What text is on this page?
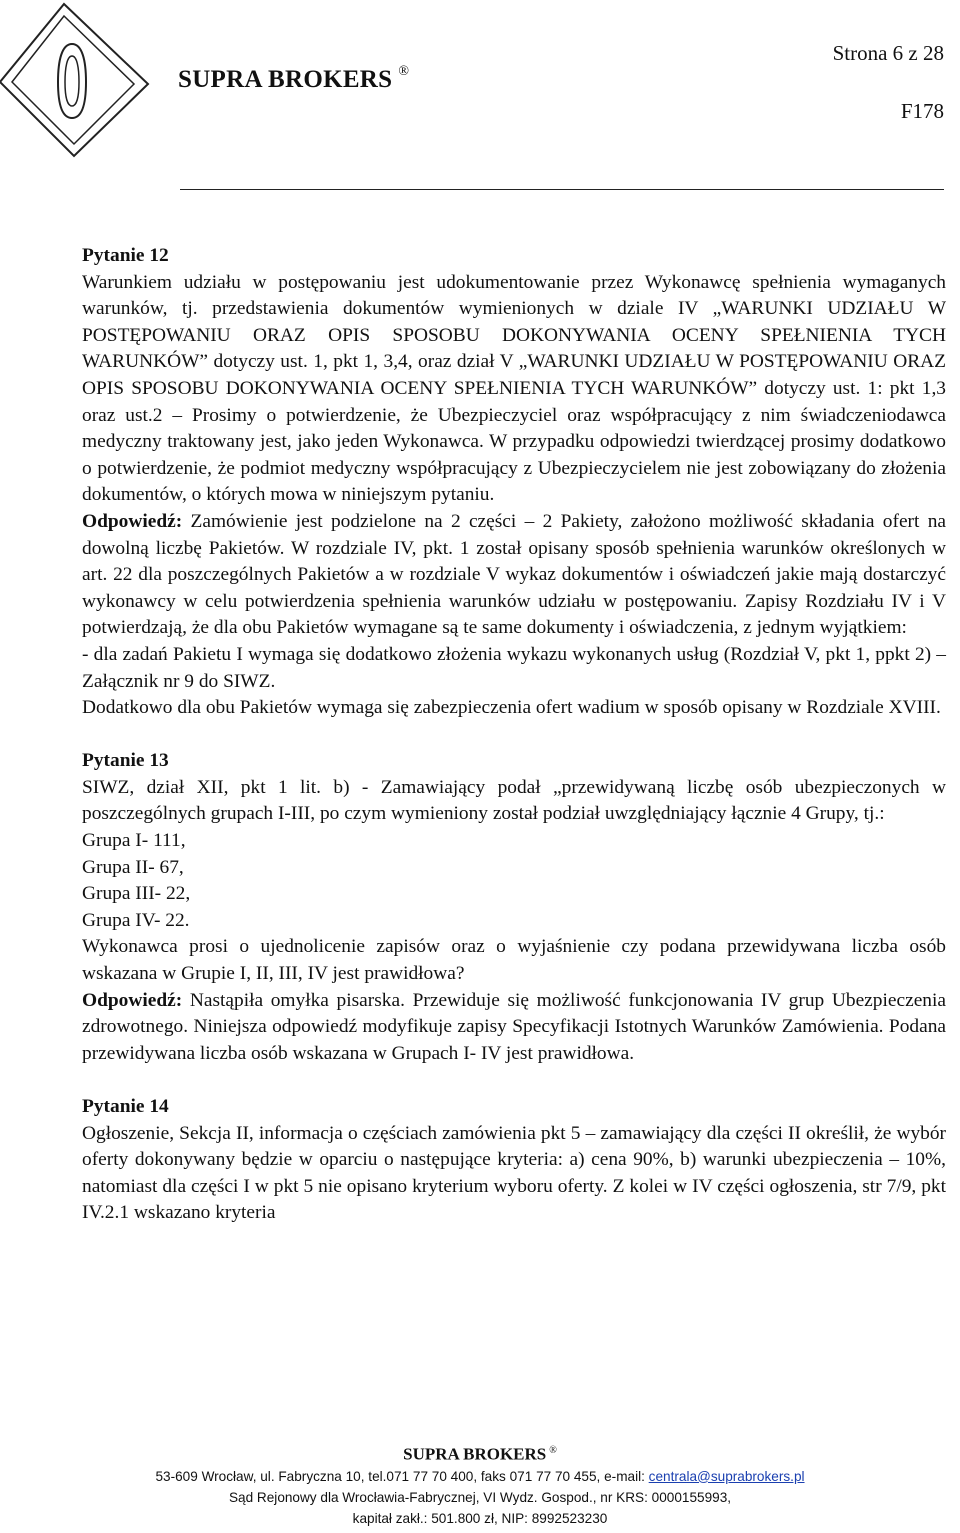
SUPRA BROKERS ®
Strona 6 z 28
F178

Pytanie 12

Warunkiem udziału w postępowaniu jest udokumentowanie przez Wykonawcę spełnienia wymaganych warunków, tj. przedstawienia dokumentów wymienionych w dziale IV „WARUNKI UDZIAŁU W POSTĘPOWANIU ORAZ OPIS SPOSOBU DOKONYWANIA OCENY SPEŁNIENIA TYCH WARUNKÓW” dotyczy ust. 1, pkt 1, 3,4, oraz dział V „WARUNKI UDZIAŁU W POSTĘPOWANIU ORAZ OPIS SPOSOBU DOKONYWANIA OCENY SPEŁNIENIA TYCH WARUNKÓW” dotyczy ust. 1: pkt 1,3 oraz ust.2 – Prosimy o potwierdzenie, że Ubezpieczyciel oraz współpracujący z nim świadczeniodawca medyczny traktowany jest, jako jeden Wykonawca. W przypadku odpowiedzi twierdzącej prosimy dodatkowo o potwierdzenie, że podmiot medyczny współpracujący z Ubezpieczycielem nie jest zobowiązany do złożenia dokumentów, o których mowa w niniejszym pytaniu.

Odpowiedź: Zamówienie jest podzielone na 2 części – 2 Pakiety, założono możliwość składania ofert na dowolną liczbę Pakietów. W rozdziale IV, pkt. 1 został opisany sposób spełnienia warunków określonych w art. 22 dla poszczególnych Pakietów a w rozdziale V wykaz dokumentów i oświadczeń jakie mają dostarczyć wykonawcy w celu potwierdzenia spełnienia warunków udziału w postępowaniu. Zapisy Rozdziału IV i V potwierdzają, że dla obu Pakietów wymagane są te same dokumenty i oświadczenia, z jednym wyjątkiem:

- dla zadań Pakietu I wymaga się dodatkowo złożenia wykazu wykonanych usług (Rozdział V, pkt 1, ppkt 2) – Załącznik nr 9 do SIWZ.

Dodatkowo dla obu Pakietów wymaga się zabezpieczenia ofert wadium w sposób opisany w Rozdziale XVIII.

Pytanie 13

SIWZ, dział XII, pkt 1 lit. b) - Zamawiający podał „przewidywaną liczbę osób ubezpieczonych w poszczególnych grupach I-III, po czym wymieniony został podział uwzględniający łącznie 4 Grupy, tj.:

Grupa I- 111,

Grupa II- 67,

Grupa III- 22,

Grupa IV- 22.

Wykonawca prosi o ujednolicenie zapisów oraz o wyjaśnienie czy podana przewidywana liczba osób wskazana w Grupie I, II, III, IV jest prawidłowa?

Odpowiedź: Nastąpiła omyłka pisarska. Przewiduje się możliwość funkcjonowania IV grup Ubezpieczenia zdrowotnego. Niniejsza odpowiedź modyfikuje zapisy Specyfikacji Istotnych Warunków Zamówienia. Podana przewidywana liczba osób wskazana w Grupach I- IV jest prawidłowa.

Pytanie 14

Ogłoszenie, Sekcja II, informacja o częściach zamówienia pkt 5 – zamawiający dla części II określił, że wybór oferty dokonywany będzie w oparciu o następujące kryteria: a) cena 90%, b) warunki ubezpieczenia – 10%, natomiast dla części I w pkt 5 nie opisano kryterium wyboru oferty. Z kolei w IV części ogłoszenia, str 7/9, pkt IV.2.1 wskazano kryteria

SUPRA BROKERS ®
53-609 Wrocław, ul. Fabryczna 10, tel.071 77 70 400, faks 071 77 70 455, e-mail: centrala@suprabrokers.pl
Sąd Rejonowy dla Wrocławia-Fabrycznej, VI Wydz. Gospod., nr KRS: 0000155993,
kapitał zakł.: 501.800 zł, NIP: 8992523230
